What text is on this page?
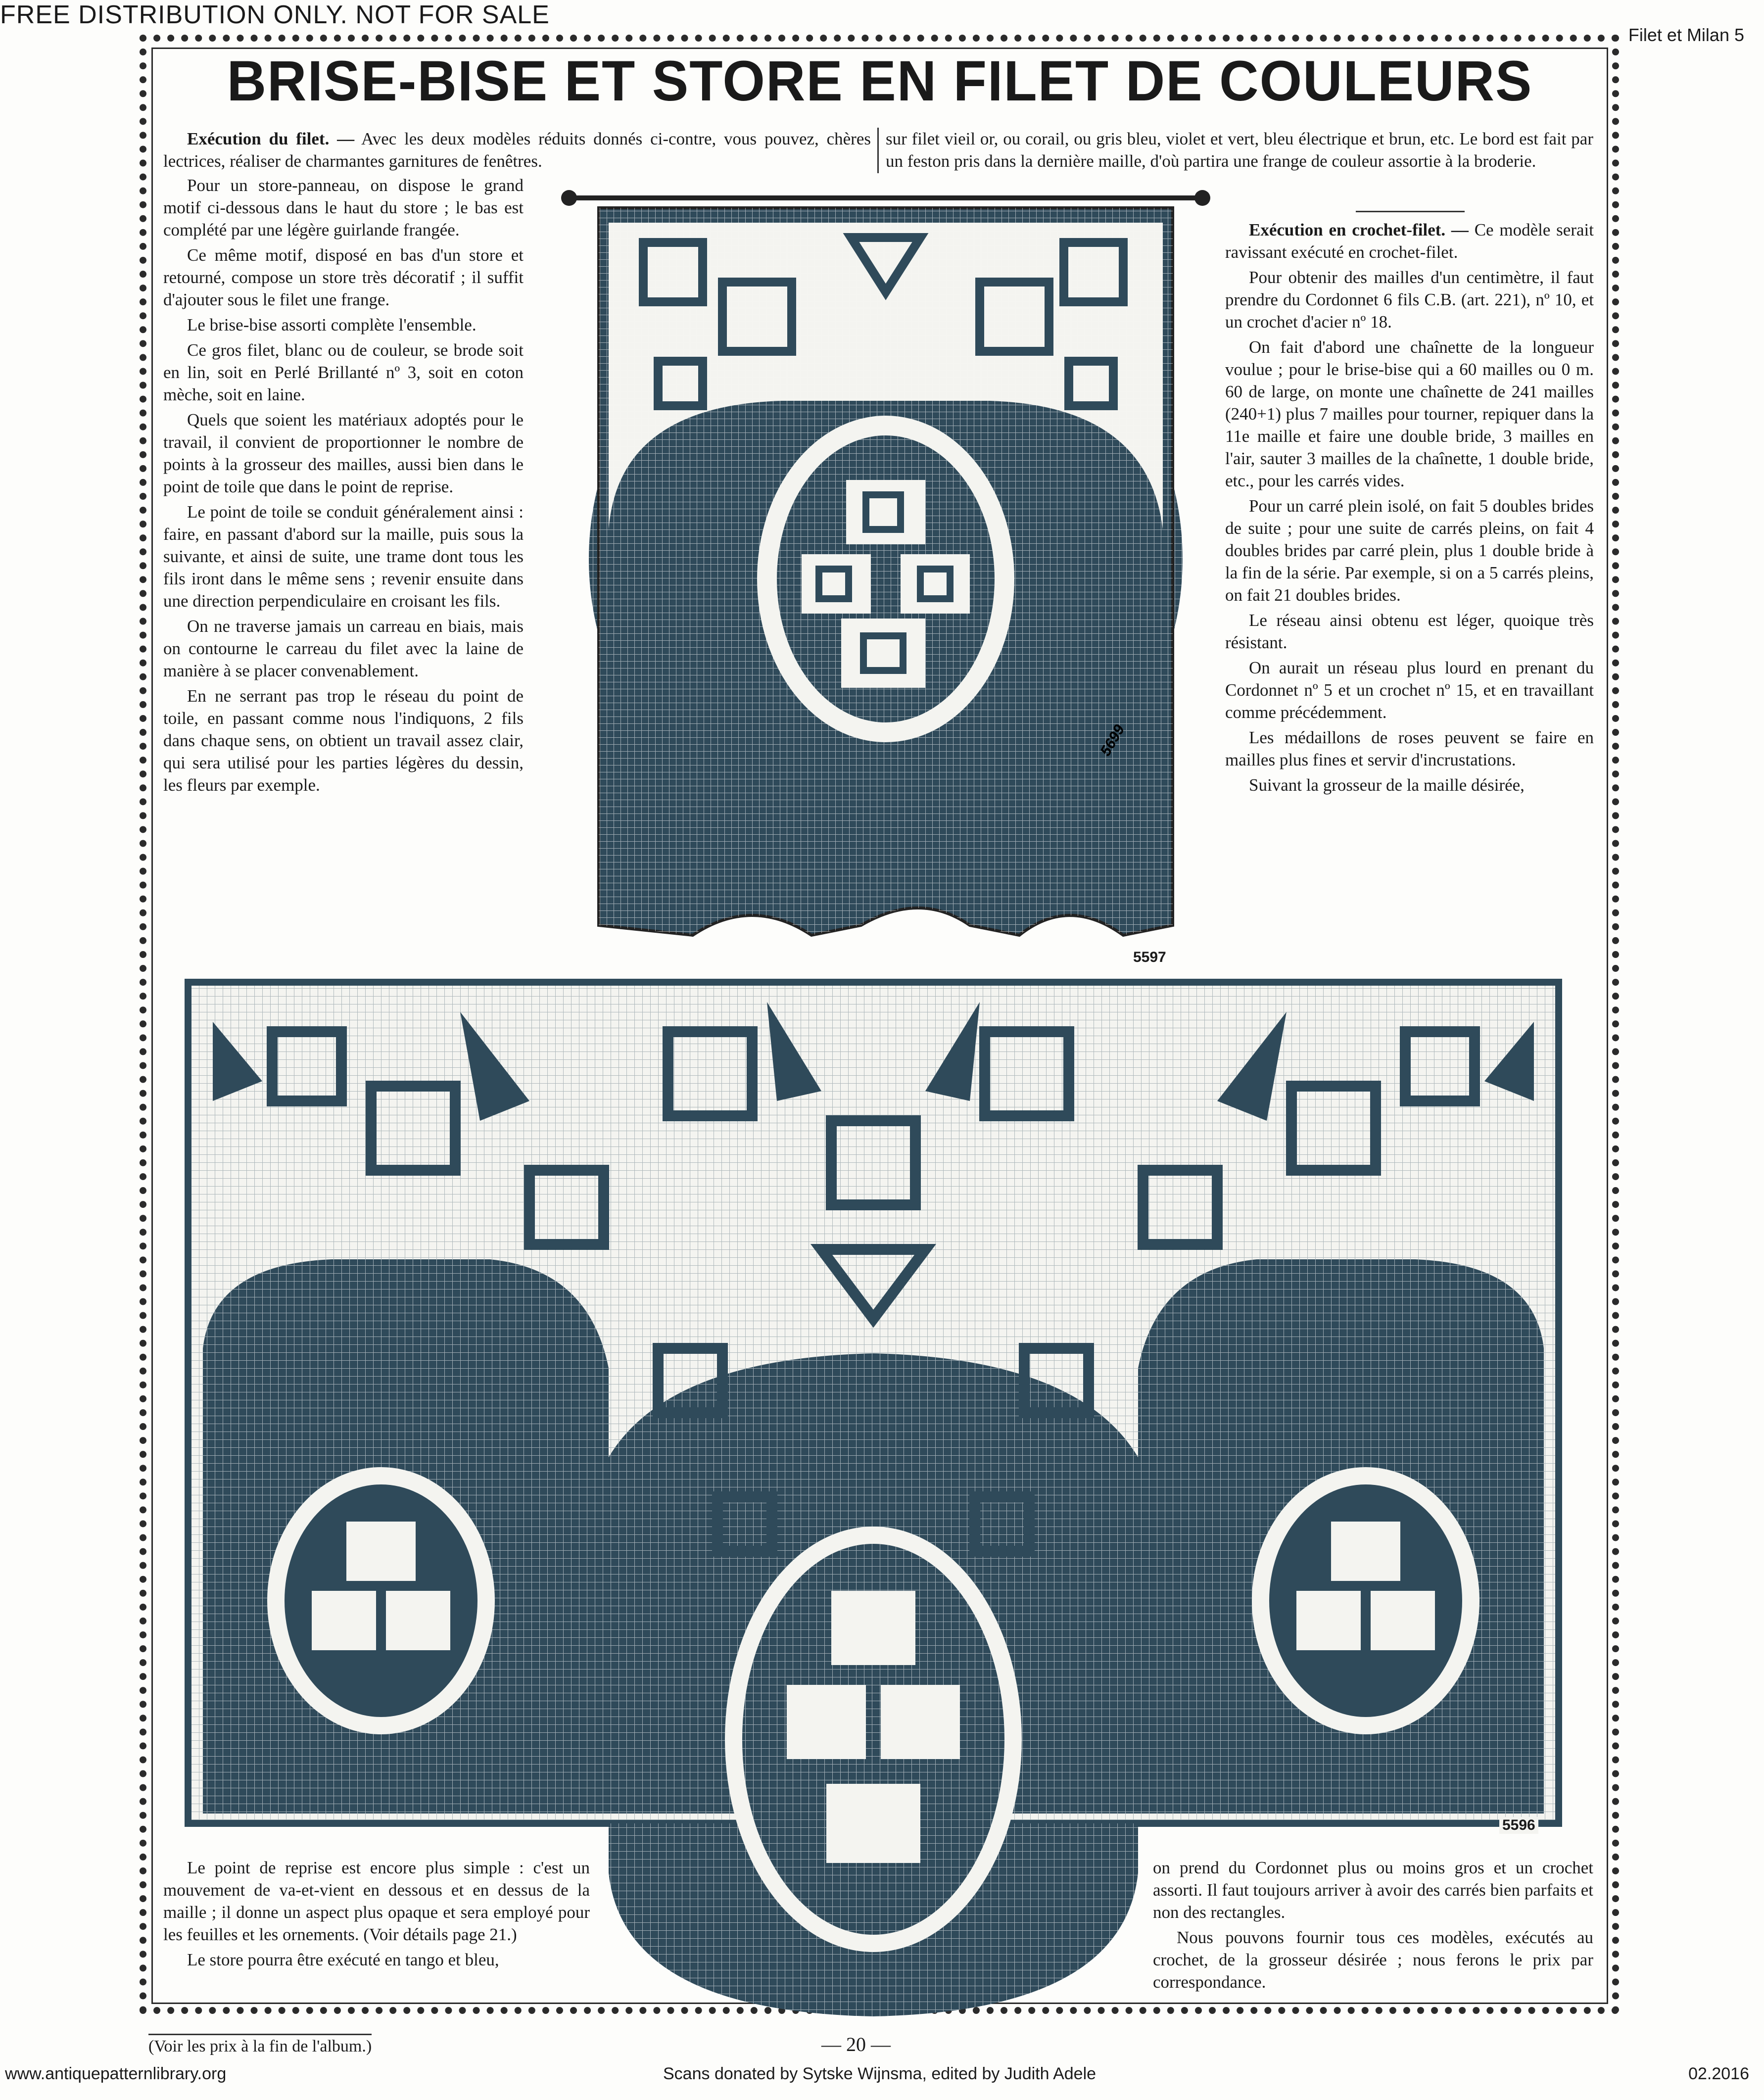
FREE DISTRIBUTION ONLY. NOT FOR SALE
Filet et Milan 5
BRISE-BISE ET STORE EN FILET DE COULEURS

Exécution du filet. — Avec les deux modèles réduits donnés ci-contre, vous pouvez, chères lectrices, réaliser de charmantes garnitures de fenêtres.

sur filet vieil or, ou corail, ou gris bleu, violet et vert, bleu électrique et brun, etc. Le bord est fait par un feston pris dans la dernière maille, d'où partira une frange de couleur assortie à la broderie.

Pour un store-panneau, on dispose le grand motif ci-dessous dans le haut du store ; le bas est complété par une légère guirlande frangée.

Ce même motif, disposé en bas d'un store et retourné, compose un store très décoratif ; il suffit d'ajouter sous le filet une frange.

Le brise-bise assorti complète l'ensemble.

Ce gros filet, blanc ou de couleur, se brode soit en lin, soit en Perlé Brillanté nº 3, soit en coton mèche, soit en laine.

Quels que soient les matériaux adoptés pour le travail, il convient de proportionner le nombre de points à la grosseur des mailles, aussi bien dans le point de toile que dans le point de reprise.

Le point de toile se conduit généralement ainsi : faire, en passant d'abord sur la maille, puis sous la suivante, et ainsi de suite, une trame dont tous les fils iront dans le même sens ; revenir ensuite dans une direction perpendiculaire en croisant les fils.

On ne traverse jamais un carreau en biais, mais on contourne le carreau du filet avec la laine de manière à se placer convenablement.

En ne serrant pas trop le réseau du point de toile, en passant comme nous l'indiquons, 2 fils dans chaque sens, on obtient un travail assez clair, qui sera utilisé pour les parties légères du dessin, les fleurs par exemple.

Exécution en crochet-filet. — Ce modèle serait ravissant exécuté en crochet-filet.

Pour obtenir des mailles d'un centimètre, il faut prendre du Cordonnet 6 fils C.B. (art. 221), nº 10, et un crochet d'acier nº 18.

On fait d'abord une chaînette de la longueur voulue ; pour le brise-bise qui a 60 mailles ou 0 m. 60 de large, on monte une chaînette de 241 mailles (240+1) plus 7 mailles pour tourner, repiquer dans la 11e maille et faire une double bride, 3 mailles en l'air, sauter 3 mailles de la chaînette, 1 double bride, etc., pour les carrés vides.

Pour un carré plein isolé, on fait 5 doubles brides de suite ; pour une suite de carrés pleins, on fait 4 doubles brides par carré plein, plus 1 double bride à la fin de la série. Par exemple, si on a 5 carrés pleins, on fait 21 doubles brides.

Le réseau ainsi obtenu est léger, quoique très résistant.

On aurait un réseau plus lourd en prenant du Cordonnet nº 5 et un crochet nº 15, et en travaillant comme précédemment.

Les médaillons de roses peuvent se faire en mailles plus fines et servir d'incrustations.

Suivant la grosseur de la maille désirée,

5699
5597
5596

Le point de reprise est encore plus simple : c'est un mouvement de va-et-vient en dessous et en dessus de la maille ; il donne un aspect plus opaque et sera employé pour les feuilles et les ornements. (Voir détails page 21.)

Le store pourra être exécuté en tango et bleu,

on prend du Cordonnet plus ou moins gros et un crochet assorti. Il faut toujours arriver à avoir des carrés bien parfaits et non des rectangles.

Nous pouvons fournir tous ces modèles, exécutés au crochet, de la grosseur désirée ; nous ferons le prix par correspondance.

(Voir les prix à la fin de l'album.)	— 20 —
www.antiquepatternlibrary.org	Scans donated by Sytske Wijnsma, edited by Judith Adele	02.2016
